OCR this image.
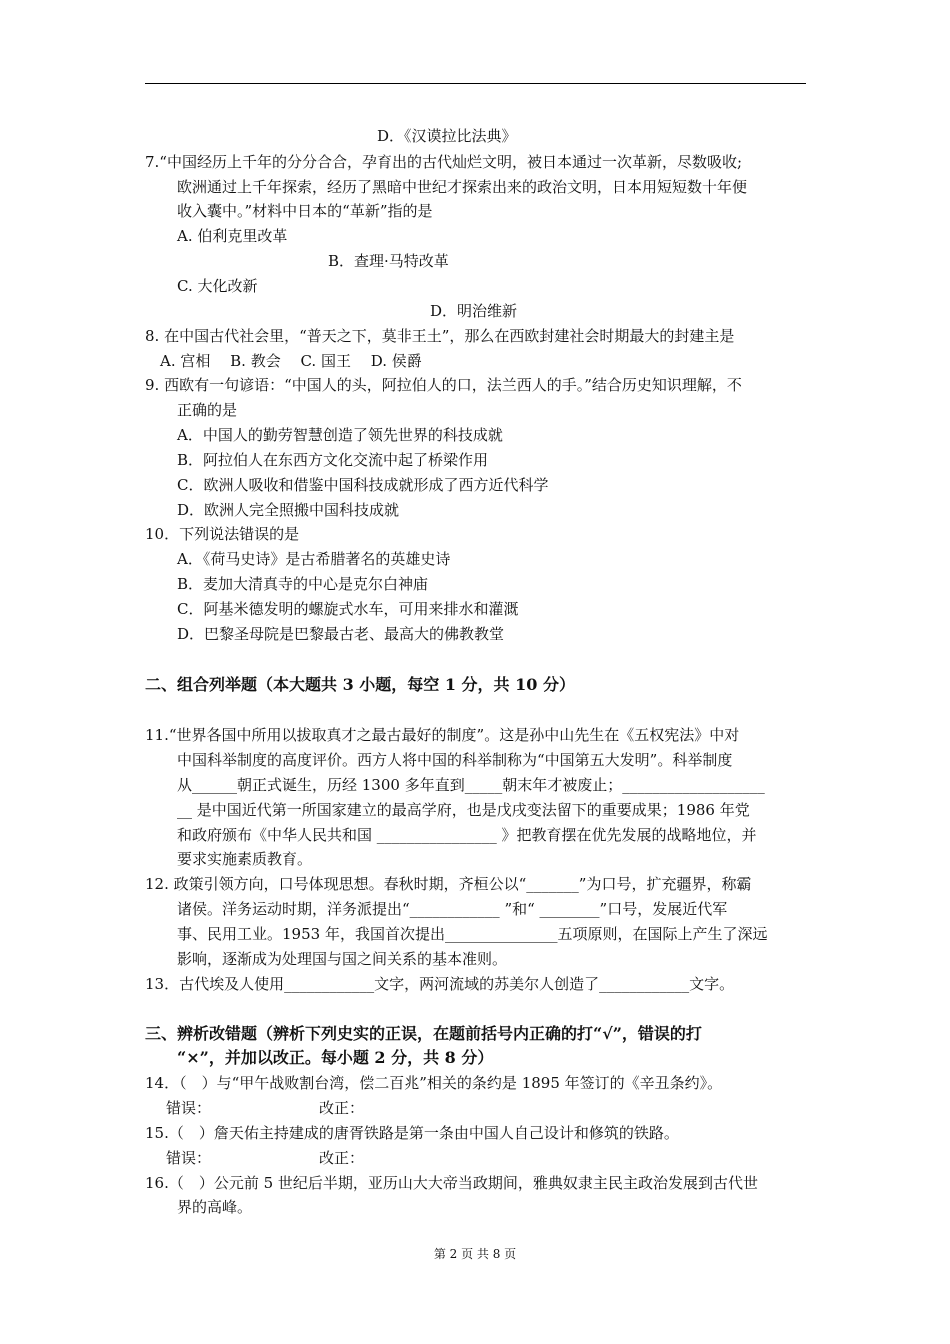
D．《汉谟拉比法典》
7.“中国经历上千年的分分合合，孕育出的古代灿烂文明，被日本通过一次革新，尽数吸收;
欧洲通过上千年探索，经历了黑暗中世纪才探索出来的政治文明，日本用短短数十年便
收入囊中。”材料中日本的“革新”指的是
A. 伯利克里改革
B．查理·马特改革
C. 大化改新
D．明治维新
8. 在中国古代社会里，“普天之下，莫非王土”，那么在西欧封建社会时期最大的封建主是
A. 宫相　 B. 教会　 C. 国王　 D. 侯爵
9. 西欧有一句谚语：“中国人的头，阿拉伯人的口，法兰西人的手。”结合历史知识理解，不
正确的是
A．中国人的勤劳智慧创造了领先世界的科技成就
B．阿拉伯人在东西方文化交流中起了桥梁作用
C．欧洲人吸收和借鉴中国科技成就形成了西方近代科学
D．欧洲人完全照搬中国科技成就
10．下列说法错误的是
A．《荷马史诗》是古希腊著名的英雄史诗
B．麦加大清真寺的中心是克尔白神庙
C．阿基米德发明的螺旋式水车，可用来排水和灌溉
D．巴黎圣母院是巴黎最古老、最高大的佛教教堂
二、组合列举题（本大题共 3 小题，每空 1 分，共 10 分）
11.“世界各国中所用以拔取真才之最古最好的制度”。这是孙中山先生在《五权宪法》中对
中国科举制度的高度评价。西方人将中国的科举制称为“中国第五大发明”。科举制度
从______朝正式诞生，历经 1300 多年直到_____朝末年才被废止；___________________
__ 是中国近代第一所国家建立的最高学府，也是戊戌变法留下的重要成果；1986 年党
和政府颁布《中华人民共和国 ________________ 》把教育摆在优先发展的战略地位，并
要求实施素质教育。
12. 政策引领方向，口号体现思想。春秋时期，齐桓公以“_______”为口号，扩充疆界，称霸
诸侯。洋务运动时期，洋务派提出“____________ ”和“ ________”口号，发展近代军
事、民用工业。1953 年，我国首次提出_______________五项原则，在国际上产生了深远
影响，逐渐成为处理国与国之间关系的基本准则。
13．古代埃及人使用____________文字，两河流域的苏美尔人创造了____________文字。
三、辨析改错题（辨析下列史实的正误，在题前括号内正确的打“√”，错误的打
“×”，并加以改正。每小题 2 分，共 8 分）
14．（　）与“甲午战败割台湾，偿二百兆”相关的条约是 1895 年签订的《辛丑条约》。
错误：	改正：
15.（　）詹天佑主持建成的唐胥铁路是第一条由中国人自己设计和修筑的铁路。
错误：	改正：
16.（　）公元前 5 世纪后半期，亚历山大大帝当政期间，雅典奴隶主民主政治发展到古代世
界的高峰。
第 2 页 共 8 页
